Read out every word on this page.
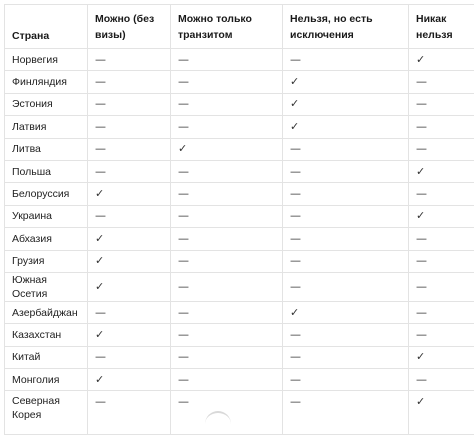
Страна	Можно (без визы)	Можно только транзитом	Нельзя, но есть исключения	Никак нельзя
Норвегия	—	—	—	✓
Финляндия	—	—	✓	—
Эстония	—	—	✓	—
Латвия	—	—	✓	—
Литва	—	✓	—	—
Польша	—	—	—	✓
Белоруссия	✓	—	—	—
Украина	—	—	—	✓
Абхазия	✓	—	—	—
Грузия	✓	—	—	—
Южная Осетия	✓	—	—	—
Азербайджан	—	—	✓	—
Казахстан	✓	—	—	—
Китай	—	—	—	✓
Монголия	✓	—	—	—
Северная Корея	—	—	—	✓
